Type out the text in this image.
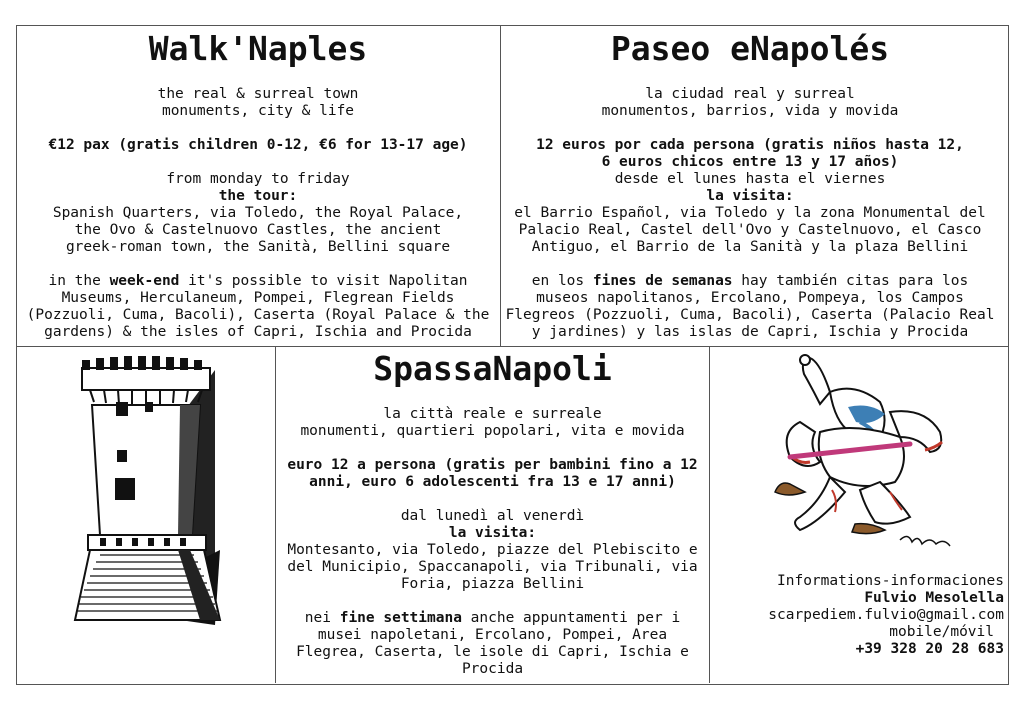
Walk'Naples
the real & surreal town
monuments, city & life
€12 pax (gratis children 0-12, €6 for 13-17 age)
from monday to friday
the tour:
Spanish Quarters, via Toledo, the Royal Palace,
the Ovo & Castelnuovo Castles, the ancient
greek-roman town, the Sanità, Bellini square
in the week-end it's possible to visit Napolitan
Museums, Herculaneum, Pompei, Flegrean Fields
(Pozzuoli, Cuma, Bacoli), Caserta (Royal Palace & the
gardens) & the isles of Capri, Ischia and Procida
Paseo eNapolés
la ciudad real y surreal
monumentos, barrios, vida y movida
12 euros por cada persona (gratis niños hasta 12,
6 euros chicos entre 13 y 17 años)
desde el lunes hasta el viernes
la visita:
el Barrio Español, via Toledo y la zona Monumental del
Palacio Real, Castel dell'Ovo y Castelnuovo, el Casco
Antiguo, el Barrio de la Sanità y la plaza Bellini
en los fines de semanas hay también citas para los
museos napolitanos, Ercolano, Pompeya, los Campos
Flegreos (Pozzuoli, Cuma, Bacoli), Caserta (Palacio Real
y jardines) y las islas de Capri, Ischia y Procida
SpassaNapoli
la città reale e surreale
monumenti, quartieri popolari, vita e movida
euro 12 a persona (gratis per bambini fino a 12
anni, euro 6 adolescenti fra 13 e 17 anni)
dal lunedì al venerdì
la visita:
Montesanto, via Toledo, piazze del Plebiscito e
del Municipio, Spaccanapoli, via Tribunali, via
Foria, piazza Bellini
nei fine settimana anche appuntamenti per i
musei napoletani, Ercolano, Pompei, Area
Flegrea, Caserta, le isole di Capri, Ischia e
Procida
Informations-informaciones
Fulvio Mesolella
scarpediem.fulvio@gmail.com
mobile/móvil
+39 328 20 28 683
